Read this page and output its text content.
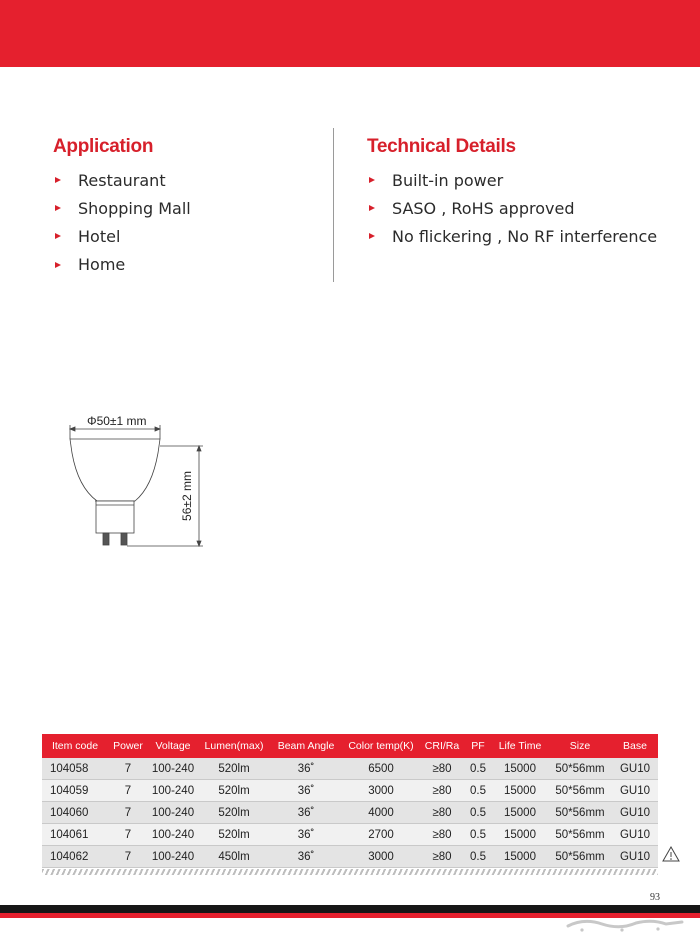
Application
Restaurant
Shopping Mall
Hotel
Home
Technical Details
Built-in power
SASO , RoHS approved
No flickering , No RF interference
Φ50±1 mm
56±2 mm
Item code	Power	Voltage	Lumen(max)	Beam Angle	Color temp(K)	CRI/Ra	PF	Life Time	Size	Base
104058	7	100-240	520lm	36˚	6500	≥80	0.5	15000	50*56mm	GU10
104059	7	100-240	520lm	36˚	3000	≥80	0.5	15000	50*56mm	GU10
104060	7	100-240	520lm	36˚	4000	≥80	0.5	15000	50*56mm	GU10
104061	7	100-240	520lm	36˚	2700	≥80	0.5	15000	50*56mm	GU10
104062	7	100-240	450lm	36˚	3000	≥80	0.5	15000	50*56mm	GU10
93
